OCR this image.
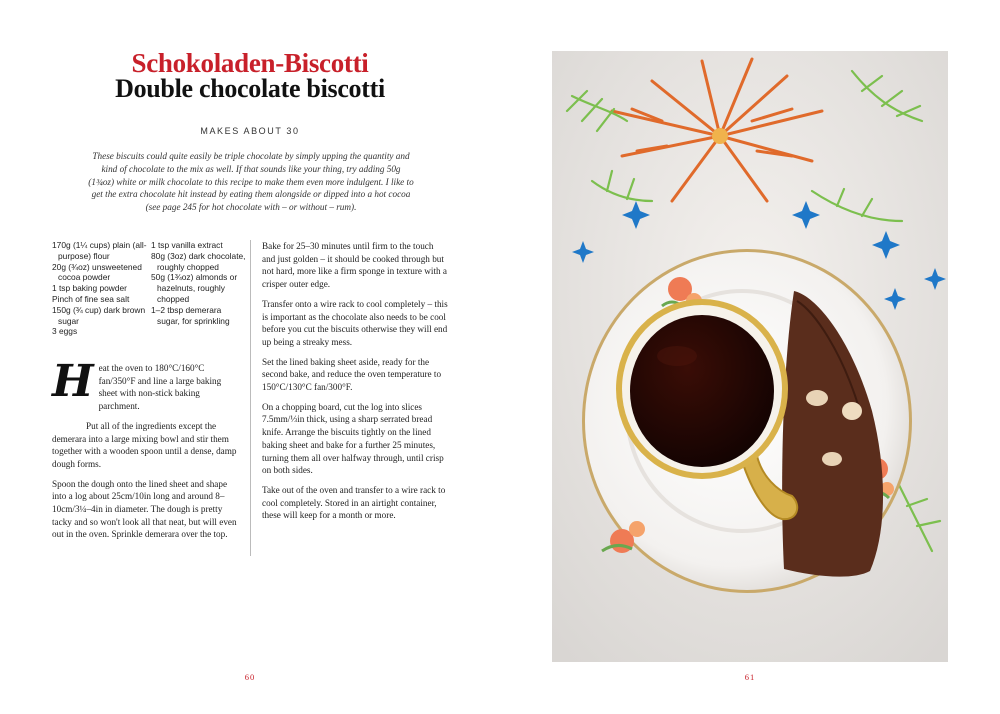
Schokoladen-Biscotti
Double chocolate biscotti
MAKES ABOUT 30

These biscuits could quite easily be triple chocolate by simply upping the quantity and kind of chocolate to the mix as well. If that sounds like your thing, try adding 50g (1¾oz) white or milk chocolate to this recipe to make them even more indulgent. I like to get the extra chocolate hit instead by eating them alongside or dipped into a hot cocoa (see page 245 for hot chocolate with – or without – rum).

170g (1¼ cups) plain (all-purpose) flour
20g (¾oz) unsweetened cocoa powder
1 tsp baking powder
Pinch of fine sea salt
150g (¾ cup) dark brown sugar
3 eggs
1 tsp vanilla extract
80g (3oz) dark chocolate, roughly chopped
50g (1¾oz) almonds or hazelnuts, roughly chopped
1–2 tbsp demerara sugar, for sprinkling

Heat the oven to 180°C/160°C fan/350°F and line a large baking sheet with non-stick baking parchment.

Put all of the ingredients except the demerara into a large mixing bowl and stir them together with a wooden spoon until a dense, damp dough forms.

Spoon the dough onto the lined sheet and shape into a log about 25cm/10in long and around 8–10cm/3¼–4in in diameter. The dough is pretty tacky and so won't look all that neat, but will even out in the oven. Sprinkle demerara over the top.

Bake for 25–30 minutes until firm to the touch and just golden – it should be cooked through but not hard, more like a firm sponge in texture with a crisper outer edge.

Transfer onto a wire rack to cool completely – this is important as the chocolate also needs to be cool before you cut the biscuits otherwise they will end up being a streaky mess.

Set the lined baking sheet aside, ready for the second bake, and reduce the oven temperature to 150°C/130°C fan/300°F.

On a chopping board, cut the log into slices 7.5mm/⅓in thick, using a sharp serrated bread knife. Arrange the biscuits tightly on the lined baking sheet and bake for a further 25 minutes, turning them all over halfway through, until crisp on both sides.

Take out of the oven and transfer to a wire rack to cool completely. Stored in an airtight container, these will keep for a month or more.

60	61
